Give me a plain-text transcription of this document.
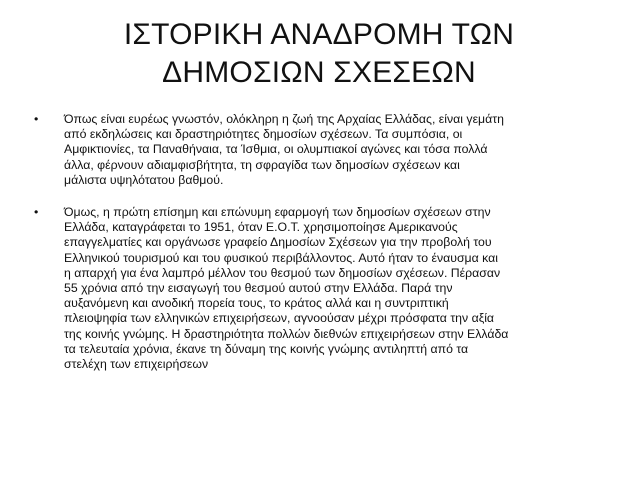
ΙΣΤΟΡΙΚΗ ΑΝΑΔΡΟΜΗ ΤΩΝ
ΔΗΜΟΣΙΩΝ ΣΧΕΣΕΩΝ
•	Όπως είναι ευρέως γνωστόν, ολόκληρη η ζωή της Αρχαίας Ελλάδας, είναι γεμάτη
από εκδηλώσεις και δραστηριότητες δημοσίων σχέσεων. Τα συμπόσια, οι
Αμφικτιονίες, τα Παναθήναια, τα Ίσθμια, οι ολυμπιακοί αγώνες και τόσα πολλά
άλλα, φέρνουν αδιαμφισβήτητα, τη σφραγίδα των δημοσίων σχέσεων και
μάλιστα υψηλότατου βαθμού.
•	Όμως, η πρώτη επίσημη και επώνυμη εφαρμογή των δημοσίων σχέσεων στην
Ελλάδα, καταγράφεται το 1951, όταν Ε.Ο.Τ. χρησιμοποίησε Αμερικανούς
επαγγελματίες και οργάνωσε γραφείο Δημοσίων Σχέσεων για την προβολή του
Ελληνικού τουρισμού και του φυσικού περιβάλλοντος. Αυτό ήταν το έναυσμα και
η απαρχή για ένα λαμπρό μέλλον του θεσμού των δημοσίων σχέσεων. Πέρασαν
55 χρόνια από την εισαγωγή του θεσμού αυτού στην Ελλάδα. Παρά την
αυξανόμενη και ανοδική πορεία τους, το κράτος αλλά και η συντριπτική
πλειοψηφία των ελληνικών επιχειρήσεων, αγνοούσαν μέχρι πρόσφατα την αξία
της κοινής γνώμης. Η δραστηριότητα πολλών διεθνών επιχειρήσεων στην Ελλάδα
τα τελευταία χρόνια, έκανε τη δύναμη της κοινής γνώμης αντιληπτή από τα
στελέχη των επιχειρήσεων
